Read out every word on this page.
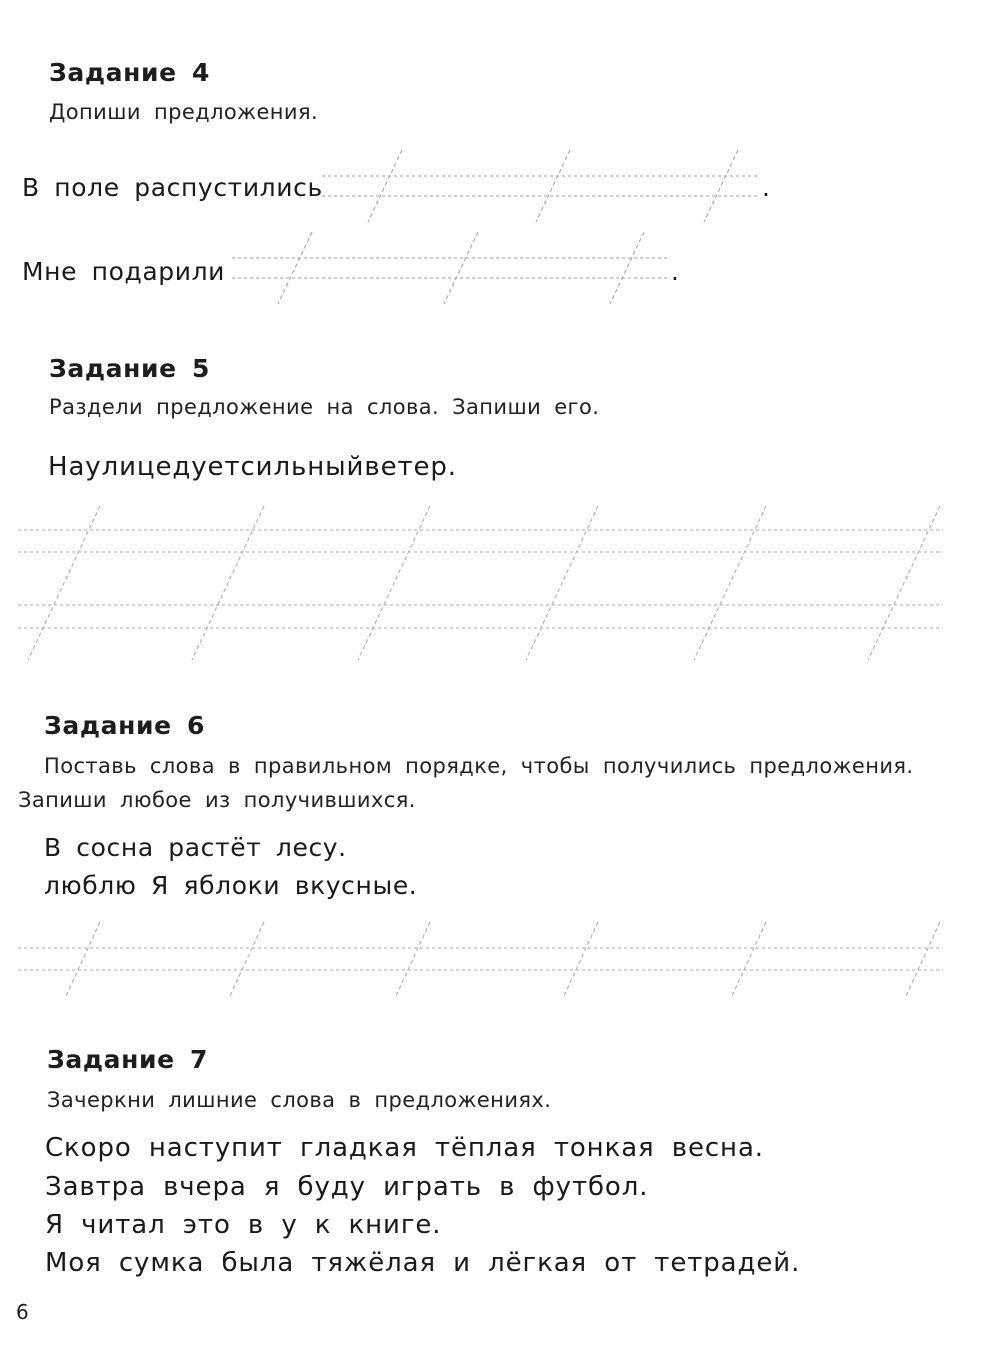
Задание 4
Допиши предложения.
В поле распустились	.
Мне подарили	.
Задание 5
Раздели предложение на слова. Запиши его.
Наулицедуетсильныйветер.
Задание 6
Поставь слова в правильном порядке, чтобы получились предложения.
Запиши любое из получившихся.
В сосна растёт лесу.
люблю Я яблоки вкусные.
Задание 7
Зачеркни лишние слова в предложениях.
Скоро наступит гладкая тёплая тонкая весна.
Завтра вчера я буду играть в футбол.
Я читал это в у к книге.
Моя сумка была тяжёлая и лёгкая от тетрадей.
6
